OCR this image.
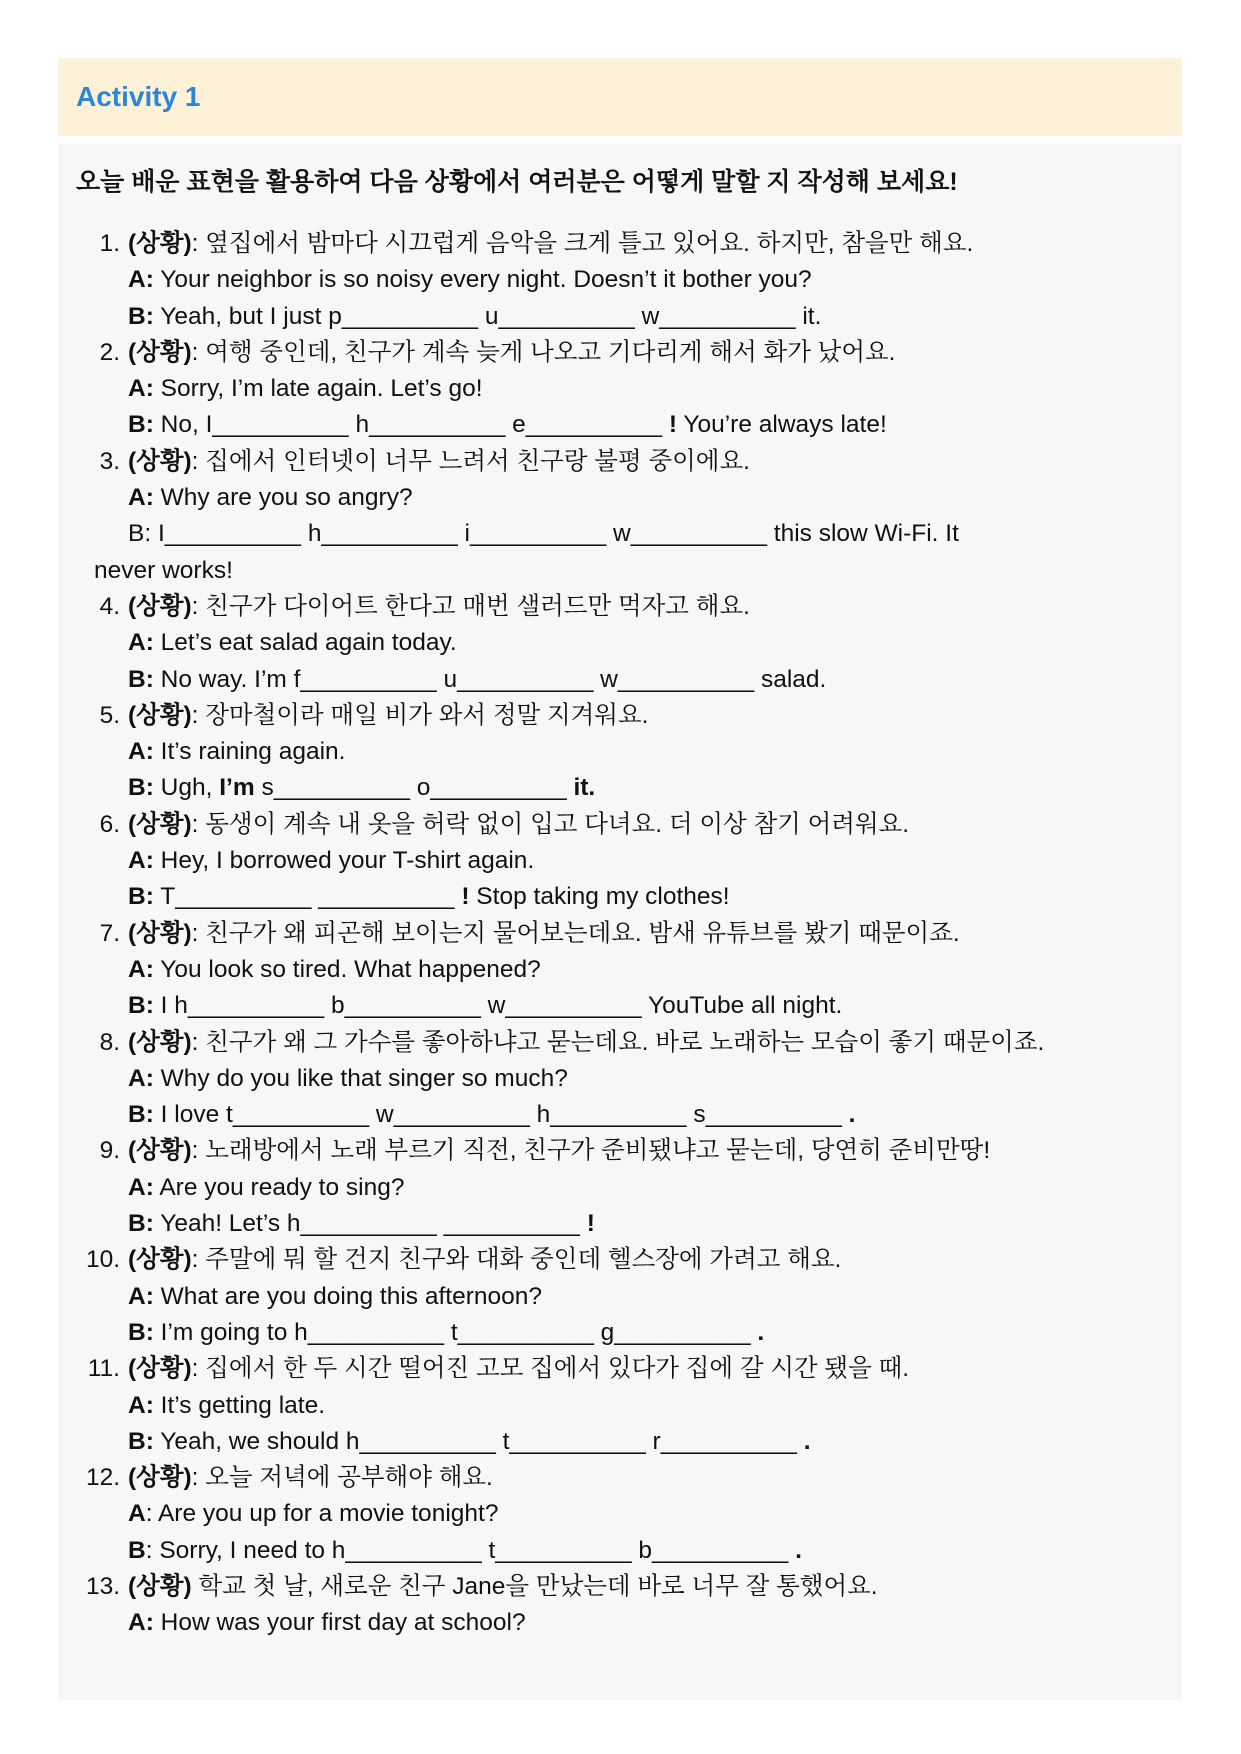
Activity 1

오늘 배운 표현을 활용하여 다음 상황에서 여러분은 어떻게 말할 지 작성해 보세요!

1. (상황): 옆집에서 밤마다 시끄럽게 음악을 크게 틀고 있어요. 하지만, 참을만 해요.
A: Your neighbor is so noisy every night. Doesn’t it bother you?
B: Yeah, but I just p__________ u__________ w__________ it.
2. (상황): 여행 중인데, 친구가 계속 늦게 나오고 기다리게 해서 화가 났어요.
A: Sorry, I’m late again. Let’s go!
B: No, I__________ h__________ e__________ ! You’re always late!
3. (상황): 집에서 인터넷이 너무 느려서 친구랑 불평 중이에요.
A: Why are you so angry?
B: I__________ h__________ i__________ w__________ this slow Wi-Fi. It
never works!
4. (상황): 친구가 다이어트 한다고 매번 샐러드만 먹자고 해요.
A: Let’s eat salad again today.
B: No way. I’m f__________ u__________ w__________ salad.
5. (상황): 장마철이라 매일 비가 와서 정말 지겨워요.
A: It’s raining again.
B: Ugh, I’m s__________ o__________ it.
6. (상황): 동생이 계속 내 옷을 허락 없이 입고 다녀요. 더 이상 참기 어려워요.
A: Hey, I borrowed your T-shirt again.
B: T__________ __________ ! Stop taking my clothes!
7. (상황): 친구가 왜 피곤해 보이는지 물어보는데요. 밤새 유튜브를 봤기 때문이죠.
A: You look so tired. What happened?
B: I h__________ b__________ w__________ YouTube all night.
8. (상황): 친구가 왜 그 가수를 좋아하냐고 묻는데요. 바로 노래하는 모습이 좋기 때문이죠.
A: Why do you like that singer so much?
B: I love t__________ w__________ h__________ s__________ .
9. (상황): 노래방에서 노래 부르기 직전, 친구가 준비됐냐고 묻는데, 당연히 준비만땅!
A: Are you ready to sing?
B: Yeah! Let’s h__________ __________ !
10. (상황): 주말에 뭐 할 건지 친구와 대화 중인데 헬스장에 가려고 해요.
A: What are you doing this afternoon?
B: I’m going to h__________ t__________ g__________ .
11. (상황): 집에서 한 두 시간 떨어진 고모 집에서 있다가 집에 갈 시간 됐을 때.
A: It’s getting late.
B: Yeah, we should h__________ t__________ r__________ .
12. (상황): 오늘 저녁에 공부해야 해요.
A: Are you up for a movie tonight?
B: Sorry, I need to h__________ t__________ b__________ .
13. (상황) 학교 첫 날, 새로운 친구 Jane을 만났는데 바로 너무 잘 통했어요.
A: How was your first day at school?
